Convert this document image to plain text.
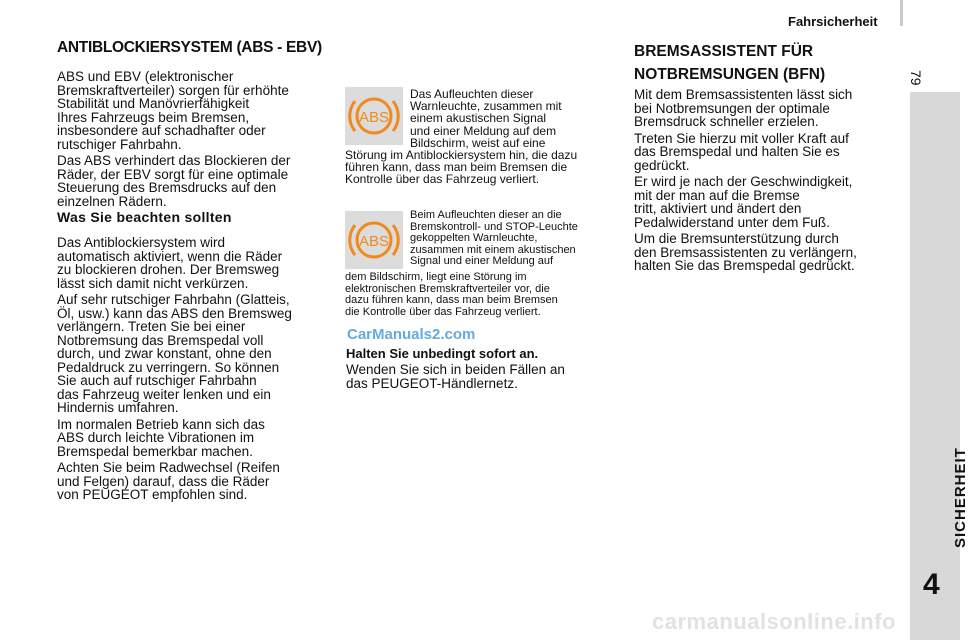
Fahrsicherheit
79
SICHERHEIT
4
ANTIBLOCKIERSYSTEM (ABS - EBV)

ABS und EBV (elektronischer
Bremskraftverteiler) sorgen für erhöhte
Stabilität und Manövrierfähigkeit
Ihres Fahrzeugs beim Bremsen,
insbesondere auf schadhafter oder
rutschiger Fahrbahn.

Das ABS verhindert das Blockieren der
Räder, der EBV sorgt für eine optimale
Steuerung des Bremsdrucks auf den
einzelnen Rädern.

Was Sie beachten sollten

Das Antiblockiersystem wird
automatisch aktiviert, wenn die Räder
zu blockieren drohen. Der Bremsweg
lässt sich damit nicht verkürzen.

Auf sehr rutschiger Fahrbahn (Glatteis,
Öl, usw.) kann das ABS den Bremsweg
verlängern. Treten Sie bei einer
Notbremsung das Bremspedal voll
durch, und zwar konstant, ohne den
Pedaldruck zu verringern. So können
Sie auch auf rutschiger Fahrbahn
das Fahrzeug weiter lenken und ein
Hindernis umfahren.

Im normalen Betrieb kann sich das
ABS durch leichte Vibrationen im
Bremspedal bemerkbar machen.

Achten Sie beim Radwechsel (Reifen
und Felgen) darauf, dass die Räder
von PEUGEOT empfohlen sind.

ABS

Das Aufleuchten dieser
Warnleuchte, zusammen mit
einem akustischen Signal
und einer Meldung auf dem
Bildschirm, weist auf eine

Störung im Antiblockiersystem hin, die dazu
führen kann, dass man beim Bremsen die
Kontrolle über das Fahrzeug verliert.

ABS

Beim Aufleuchten dieser an die
Bremskontroll- und STOP-Leuchte
gekoppelten Warnleuchte,
zusammen mit einem akustischen
Signal und einer Meldung auf

dem Bildschirm, liegt eine Störung im
elektronischen Bremskraftverteiler vor, die
dazu führen kann, dass man beim Bremsen
die Kontrolle über das Fahrzeug verliert.

CarManuals2.com
Halten Sie unbedingt sofort an.

Wenden Sie sich in beiden Fällen an
das PEUGEOT-Händlernetz.

BREMSASSISTENT FÜR
NOTBREMSUNGEN (BFN)

Mit dem Bremsassistenten lässt sich
bei Notbremsungen der optimale
Bremsdruck schneller erzielen.

Treten Sie hierzu mit voller Kraft auf
das Bremspedal und halten Sie es
gedrückt.

Er wird je nach der Geschwindigkeit,
mit der man auf die Bremse
tritt, aktiviert und ändert den
Pedalwiderstand unter dem Fuß.

Um die Bremsunterstützung durch
den Bremsassistenten zu verlängern,
halten Sie das Bremspedal gedrückt.

carmanualsonline.info
